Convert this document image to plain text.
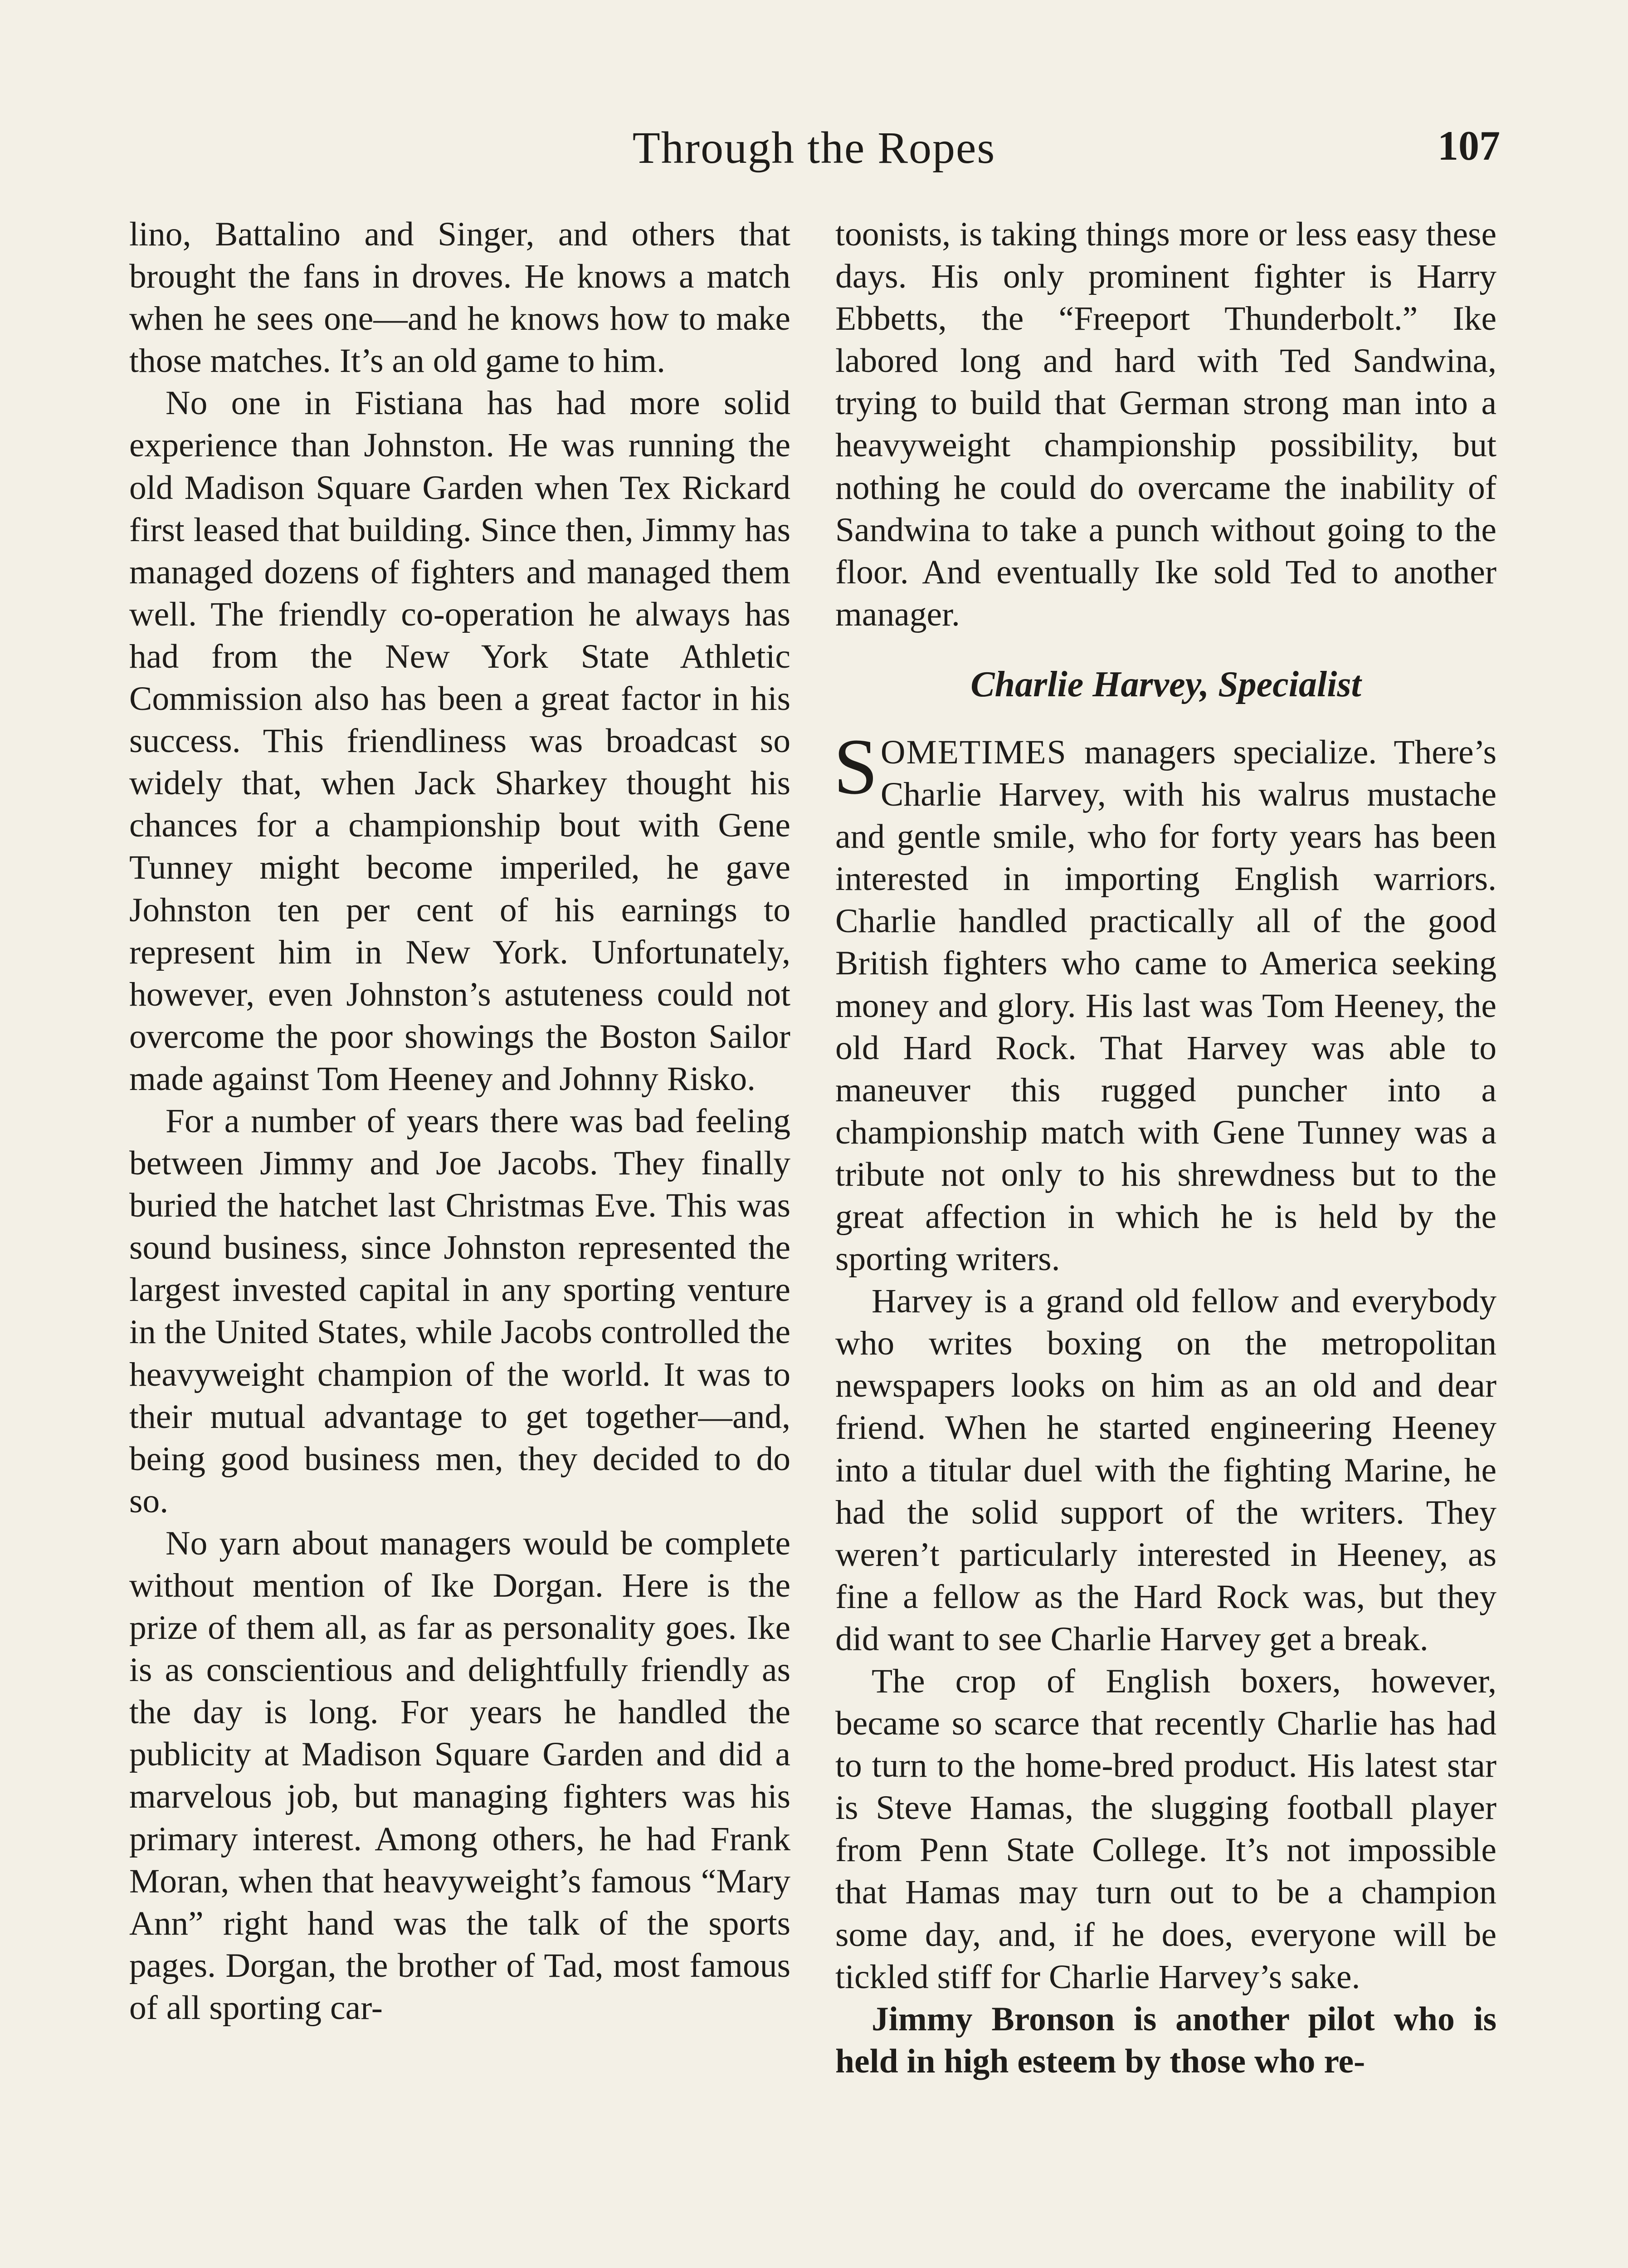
Through the Ropes	107

lino, Battalino and Singer, and others that brought the fans in droves. He knows a match when he sees one—and he knows how to make those matches. It’s an old game to him.

No one in Fistiana has had more solid experience than Johnston. He was running the old Madison Square Garden when Tex Rickard first leased that building. Since then, Jimmy has managed dozens of fighters and managed them well. The friendly co-operation he always has had from the New York State Athletic Commission also has been a great factor in his success. This friendliness was broadcast so widely that, when Jack Sharkey thought his chances for a championship bout with Gene Tunney might become imperiled, he gave Johnston ten per cent of his earnings to represent him in New York. Unfortunately, however, even Johnston’s astuteness could not overcome the poor showings the Boston Sailor made against Tom Heeney and Johnny Risko.

For a number of years there was bad feeling between Jimmy and Joe Jacobs. They finally buried the hatchet last Christmas Eve. This was sound business, since Johnston represented the largest invested capital in any sporting venture in the United States, while Jacobs controlled the heavyweight champion of the world. It was to their mutual advantage to get together—and, being good business men, they decided to do so.

No yarn about managers would be complete without mention of Ike Dorgan. Here is the prize of them all, as far as personality goes. Ike is as conscientious and delightfully friendly as the day is long. For years he handled the publicity at Madison Square Garden and did a marvelous job, but managing fighters was his primary interest. Among others, he had Frank Moran, when that heavyweight’s famous “Mary Ann” right hand was the talk of the sports pages. Dorgan, the brother of Tad, most famous of all sporting car-

toonists, is taking things more or less easy these days. His only prominent fighter is Harry Ebbetts, the “Freeport Thunderbolt.” Ike labored long and hard with Ted Sandwina, trying to build that German strong man into a heavyweight championship possibility, but nothing he could do overcame the inability of Sandwina to take a punch without going to the floor. And eventually Ike sold Ted to another manager.

Charlie Harvey, Specialist

SOMETIMES managers specialize. There’s Charlie Harvey, with his walrus mustache and gentle smile, who for forty years has been interested in importing English warriors. Charlie handled practically all of the good British fighters who came to America seeking money and glory. His last was Tom Heeney, the old Hard Rock. That Harvey was able to maneuver this rugged puncher into a championship match with Gene Tunney was a tribute not only to his shrewdness but to the great affection in which he is held by the sporting writers.

Harvey is a grand old fellow and everybody who writes boxing on the metropolitan newspapers looks on him as an old and dear friend. When he started engineering Heeney into a titular duel with the fighting Marine, he had the solid support of the writers. They weren’t particularly interested in Heeney, as fine a fellow as the Hard Rock was, but they did want to see Charlie Harvey get a break.

The crop of English boxers, however, became so scarce that recently Charlie has had to turn to the home-bred product. His latest star is Steve Hamas, the slugging football player from Penn State College. It’s not impossible that Hamas may turn out to be a champion some day, and, if he does, everyone will be tickled stiff for Charlie Harvey’s sake.

Jimmy Bronson is another pilot who is held in high esteem by those who re-
